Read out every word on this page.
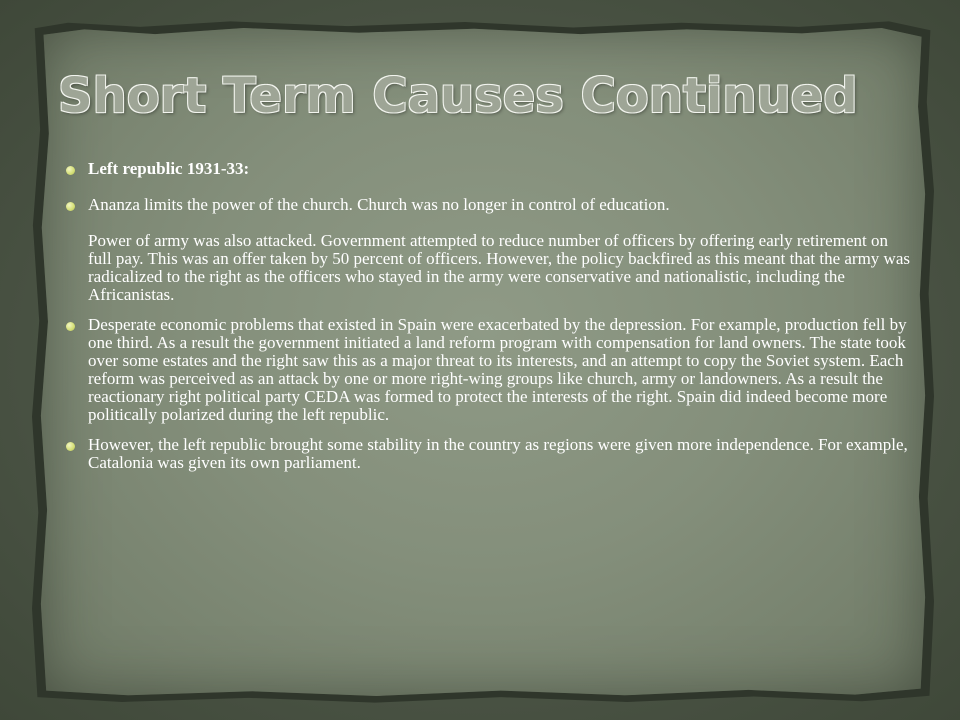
Short Term Causes Continued

Left republic 1931-33:

Ananza limits the power of the church. Church was no longer in control of education.

Power of army was also attacked. Government attempted to reduce number of officers by offering early retirement on full pay. This was an offer taken by 50 percent of officers. However, the policy backfired as this meant that the army was radicalized to the right as the officers who stayed in the army were conservative and nationalistic, including the Africanistas.

Desperate economic problems that existed in Spain were exacerbated by the depression. For example, production fell by one third. As a result the government initiated a land reform program with compensation for land owners. The state took over some estates and the right saw this as a major threat to its interests, and an attempt to copy the Soviet system. Each reform was perceived as an attack by one or more right-wing groups like church, army or landowners. As a result the reactionary right political party CEDA was formed to protect the interests of the right. Spain did indeed become more politically polarized during the left republic.

However, the left republic brought some stability in the country as regions were given more independence. For example, Catalonia was given its own parliament.
